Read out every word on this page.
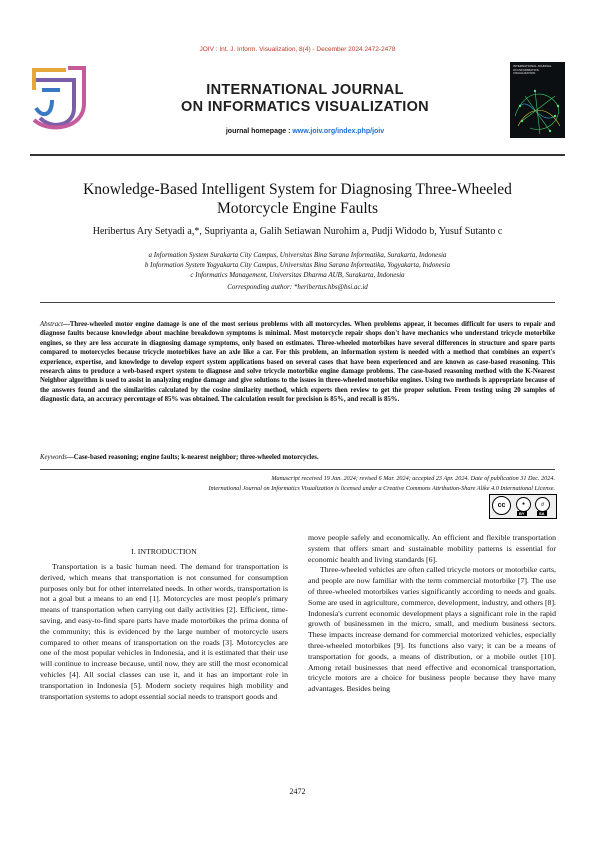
JOIV : Int. J. Inform. Visualization, 8(4) - December 2024 2472-2478
INTERNATIONAL JOURNAL
ON INFORMATICS VISUALIZATION
journal homepage : www.joiv.org/index.php/joiv
INTERNATIONAL JOURNAL ON INFORMATICS VISUALIZATION
Knowledge-Based Intelligent System for Diagnosing Three-Wheeled
Motorcycle Engine Faults
Heribertus Ary Setyadi a,*, Supriyanta a, Galih Setiawan Nurohim a, Pudji Widodo b, Yusuf Sutanto c
a Information System Surakarta City Campus, Universitas Bina Sarana Informatika, Surakarta, Indonesia
b Information System Yogyakarta City Campus, Universitas Bina Sarana Informatika, Yogyakarta, Indonesia
c Informatics Management, Universitas Dharma AUB, Surakarta, Indonesia
Corresponding author: *heribertus.hbs@bsi.ac.id
Abstract—Three-wheeled motor engine damage is one of the most serious problems with all motorcycles. When problems appear, it becomes difficult for users to repair and diagnose faults because knowledge about machine breakdown symptoms is minimal. Most motorcycle repair shops don't have mechanics who understand tricycle motorbike engines, so they are less accurate in diagnosing damage symptoms, only based on estimates. Three-wheeled motorbikes have several differences in structure and spare parts compared to motorcycles because tricycle motorbikes have an axle like a car. For this problem, an information system is needed with a method that combines an expert's experience, expertise, and knowledge to develop expert system applications based on several cases that have been experienced and are known as case-based reasoning. This research aims to produce a web-based expert system to diagnose and solve tricycle motorbike engine damage problems. The case-based reasoning method with the K-Nearest Neighbor algorithm is used to assist in analyzing engine damage and give solutions to the issues in three-wheeled motorbike engines. Using two methods is appropriate because of the answers found and the similarities calculated by the cosine similarity method, which experts then review to get the proper solution. From testing using 20 samples of diagnostic data, an accuracy percentage of 85% was obtained. The calculation result for precision is 85%, and recall is 85%.
Keywords—Case-based reasoning; engine faults; k-nearest neighbor; three-wheeled motorcycles.
Manuscript received 19 Jan. 2024; revised 6 Mar. 2024; accepted 23 Apr. 2024. Date of publication 31 Dec. 2024.
International Journal on Informatics Visualization is licensed under a Creative Commons Attribution-Share Alike 4.0 International License.
cc	●	↺
BY	SA
I. INTRODUCTION

Transportation is a basic human need. The demand for transportation is derived, which means that transportation is not consumed for consumption purposes only but for other interrelated needs. In other words, transportation is not a goal but a means to an end [1]. Motorcycles are most people's primary means of transportation when carrying out daily activities [2]. Efficient, time-saving, and easy-to-find spare parts have made motorbikes the prima donna of the community; this is evidenced by the large number of motorcycle users compared to other means of transportation on the roads [3]. Motorcycles are one of the most popular vehicles in Indonesia, and it is estimated that their use will continue to increase because, until now, they are still the most economical vehicles [4]. All social classes can use it, and it has an important role in transportation in Indonesia [5]. Modern society requires high mobility and transportation systems to adopt essential social needs to transport goods and

move people safely and economically. An efficient and flexible transportation system that offers smart and sustainable mobility patterns is essential for economic health and living standards [6].

Three-wheeled vehicles are often called tricycle motors or motorbike carts, and people are now familiar with the term commercial motorbike [7]. The use of three-wheeled motorbikes varies significantly according to needs and goals. Some are used in agriculture, commerce, development, industry, and others [8]. Indonesia's current economic development plays a significant role in the rapid growth of businessmen in the micro, small, and medium business sectors. These impacts increase demand for commercial motorized vehicles, especially three-wheeled motorbikes [9]. Its functions also vary; it can be a means of transportation for goods, a means of distribution, or a mobile outlet [10]. Among retail businesses that need effective and economical transportation, tricycle motors are a choice for business people because they have many advantages. Besides being

2472
